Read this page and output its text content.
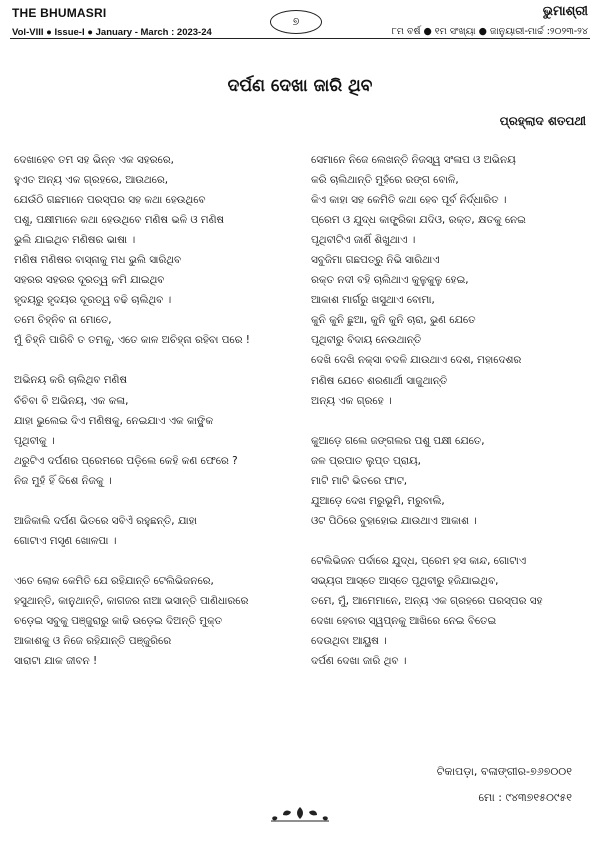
THE BHUMASRI
Vol-VIII ● Issue-I ● January - March : 2023-24
୭
ଭୁମାଶ୍ରୀ
୮ମ ବର୍ଷ ● ୧ମ ସଂଖ୍ୟା ● ଜାନୁୟାରୀ-ମାର୍ଚ୍ଚ :୨୦୨୩-୨୪
ଦର୍ପଣ ଦେଖା ଜାରି ଥିବ
ପ୍ରହ୍ଲାଦ ଶତପଥୀ
ଦେଖାହେବ ତମ ସହ ଭିନ୍ନ ଏକ ସହରରେ,
ହୁଏତ ଅନ୍ୟ ଏକ ଗ୍ରହରେ, ଆଉଥରେ,
ଯେଉଁଠି ଗଛମାନେ ପରସ୍ପର ସହ କଥା ହେଉଥିବେ
ପଶୁ, ପକ୍ଷୀମାନେ କଥା ହେଉଥିବେ ମଣିଷ ଭଳି ଓ ମଣିଷ
ଭୁଲି ଯାଇଥିବ ମଣିଷର ଭାଷା ।
ମଣିଷ ମଣିଷର ବାସ୍ନାକୁ ମଧ ଭୁଲି ସାରିଥିବ
ସହରର ସହରର ଦୂରତ୍ୱ କମି ଯାଇଥିବ
ହୃଦୟରୁ ହୃଦୟର ଦୂରତ୍ୱ ବଢି ଚାଲିଥିବ ।
ତମେ ଚିହ୍ନିବ ନା ମୋତେ,
ମୁଁ ଚିହ୍ନି ପାରିବି ତ ତମକୁ, ଏତେ କାଳ ଅଚିହ୍ନା ରହିବା ପରେ !
ଅଭିନୟ କରି ଚାଲିଥିବ ମଣିଷ
ବଁଚିବା ବି ଅଭିନୟ, ଏକ କଳା,
ଯାହା ଭୁଲେଇ ଦିଏ ମଣିଷକୁ, ନେଇଯାଏ ଏକ କାଙ୍କ୍ଷିକ
ପୃଥିବୀକୁ ।
ଥରୁଟିଏ ଦର୍ପଣର ପ୍ରେମରେ ପଡ଼ିଲେ କେହି କଣ ଫେରେ ?
ନିଜ ମୁହଁ ହିଁ ଦିଶେ ନିଜକୁ ।
ଆଜିକାଲି ଦର୍ପଣ ଭିତରେ ସବିଏଁ ରହୁଛନ୍ତି, ଯାହା
ଗୋଟାଏ ମସୃଣ ଖୋଳପା ।
ଏତେ ଲୋକ କେମିତି ଯେ ରହିଯାନ୍ତି ଟେଲିଭିଜନରେ,
ହସୁଥାନ୍ତି, କାନୁଥାନ୍ତି, କାଗଜର ନାଆ ଭସାନ୍ତି ପାଣିଧାରରେ
ଚଡ଼େଇ ସବୁକୁ ପଞ୍ଜୁରାରୁ କାଢି ଉଡ଼େଇ ଦିଅନ୍ତି ମୁକ୍ତ
ଆକାଶକୁ ଓ ନିଜେ ରହିଯାନ୍ତି ପଞ୍ଜୁରିରେ
ସାରାଟା ଯାକ ଜୀବନ !
ସେମାନେ ନିଜେ ଲେଖନ୍ତି ନିଜସ୍ୱ ସଂଳାପ ଓ ଅଭିନୟ
କରି ଚାଲିଥାନ୍ତି ମୁହଁରେ ରଙ୍ଗ ବୋଳି,
କିଏ କାହା ସହ କେମିତି କଥା ହେବ ପୂର୍ବ ନିର୍ଦ୍ଧାରିତ ।
ପ୍ରେମ ଓ ଯୁଦ୍ଧ କାଙ୍ଗ୍ରିକା ଯଦିଓ, ରକ୍ତ, କ୍ଷତକୁ ନେଇ
ପୃଥିବୀଟିଏ ଜାଣିଁ ଶିଖୁଥାଏ ।
ସବୁଜିମା ଗଛପତ୍ରୁ ନିଭି ସାରିଥାଏ
ରକ୍ତ ନଦୀ ବହି ଚାଲିଥାଏ କୁଳୁକୁଳୁ ହେଇ,
ଆକାଶ ମାର୍ଗରୁ ଖସୁଥାଏ ବୋମା,
କୁନି କୁନି ଛୁଆ, କୁନି କୁନି ଚାରା, ଭୁଣ ଯେତେ
ପୃଥିବୀରୁ ବିଦାୟ ନେଉଥାନ୍ତି
ଦେଖି ଦେଖି ନକ୍ସା ବଦଳି ଯାଉଥାଏ ଦେଶ, ମହାଦେଶର
ମଣିଷ ଯେତେ ଶରଣାର୍ଥୀ ସାଜୁଥାନ୍ତି
ଅନ୍ୟ ଏକ ଗ୍ରହେ ।
କୁଆଡ଼େ ଗଲେ ଜଙ୍ଗଲର ପଶୁ ପକ୍ଷୀ ଯେତେ,
ଜଳ ପ୍ରପାତ ଲୁପ୍ତ ପ୍ରାୟ,
ମାଟି ମାଟି ଭିତରେ ଫାଟ,
ଯୁଆଡ଼େ ଦେଖ ମରୁଭୂମି, ମରୁବାଲି,
ଓଟ ପିଠିରେ ବୁହାହୋଇ ଯାଉଥାଏ ଆକାଶ ।
ଟେଲିଭିଜନ ପର୍ଦାରେ ଯୁଦ୍ଧ, ପ୍ରେମ ହସ କାନ୍ଦ, ଗୋଟାଏ
ସଭ୍ୟତା ଆସ୍ତେ ଆସ୍ତେ ପୃଥିବୀରୁ ହଜିଯାଇଥିବ,
ତମେ, ମୁଁ, ଆମେମାନେ, ଅନ୍ୟ ଏକ ଗ୍ରହରେ ପରସ୍ପର ସହ
ଦେଖା ହେବାର ସ୍ୱପ୍ନକୁ ଆଖିରେ ନେଇ ବିତେଇ
ଦେଉଥିବା ଆୟୁଷ ।
ଦର୍ପଣ ଦେଖା ଜାରି ଥିବ ।
ଟିକାପଡ଼ା, ବଳାଙ୍ଗୀର-୭୬୭୦୦୧
ମୋ : ୯୪୩୭୧୫୦୯୫୧
